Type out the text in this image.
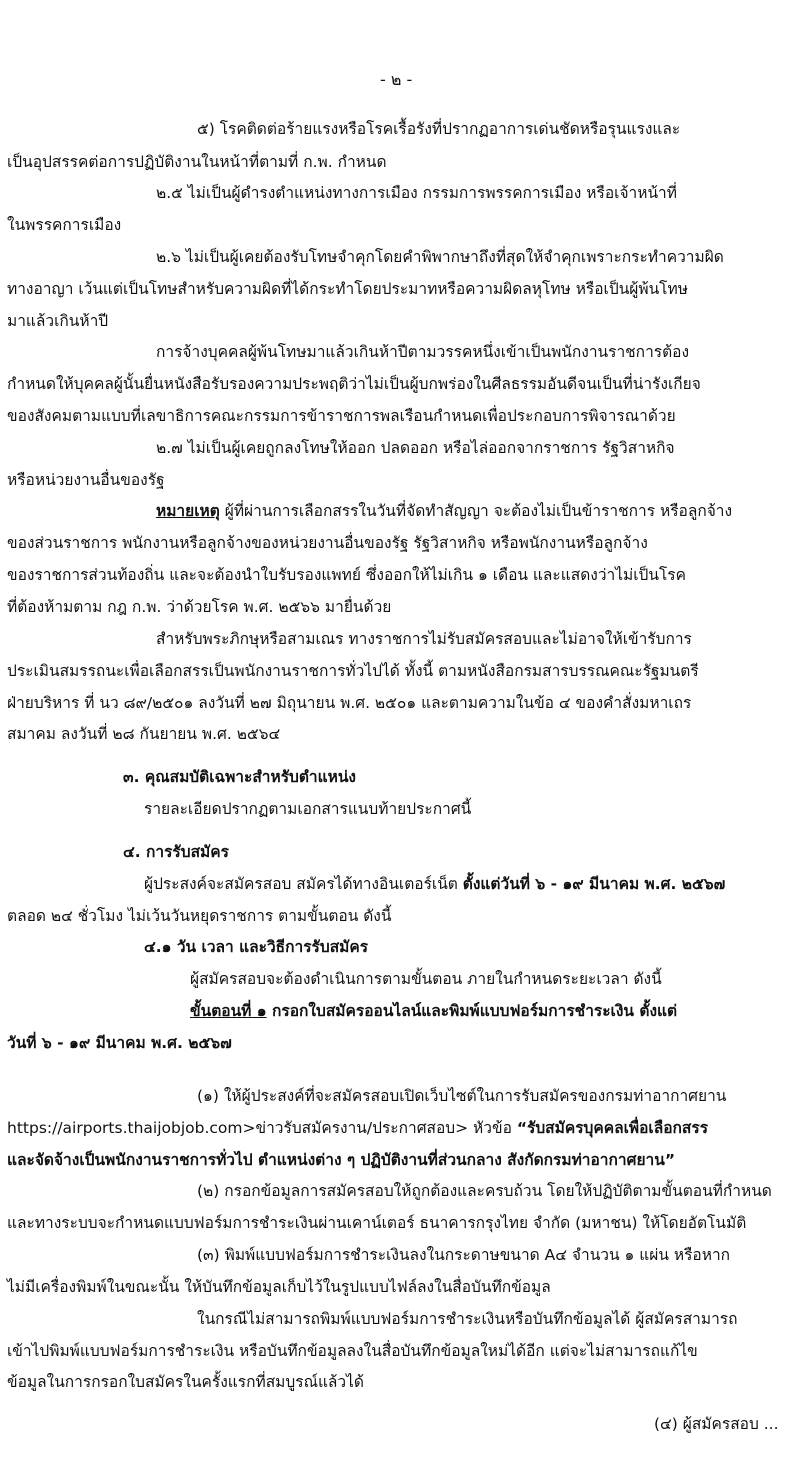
- ๒ -
๕) โรคติดต่อร้ายแรงหรือโรคเรื้อรังที่ปรากฏอาการเด่นชัดหรือรุนแรงและ
เป็นอุปสรรคต่อการปฏิบัติงานในหน้าที่ตามที่ ก.พ. กำหนด
๒.๕ ไม่เป็นผู้ดำรงตำแหน่งทางการเมือง กรรมการพรรคการเมือง หรือเจ้าหน้าที่
ในพรรคการเมือง
๒.๖ ไม่เป็นผู้เคยต้องรับโทษจำคุกโดยคำพิพากษาถึงที่สุดให้จำคุกเพราะกระทำความผิด
ทางอาญา เว้นแต่เป็นโทษสำหรับความผิดที่ได้กระทำโดยประมาทหรือความผิดลหุโทษ หรือเป็นผู้พ้นโทษ
มาแล้วเกินห้าปี
การจ้างบุคคลผู้พ้นโทษมาแล้วเกินห้าปีตามวรรคหนึ่งเข้าเป็นพนักงานราชการต้อง
กำหนดให้บุคคลผู้นั้นยื่นหนังสือรับรองความประพฤติว่าไม่เป็นผู้บกพร่องในศีลธรรมอันดีจนเป็นที่น่ารังเกียจ
ของสังคมตามแบบที่เลขาธิการคณะกรรมการข้าราชการพลเรือนกำหนดเพื่อประกอบการพิจารณาด้วย
๒.๗ ไม่เป็นผู้เคยถูกลงโทษให้ออก ปลดออก หรือไล่ออกจากราชการ รัฐวิสาหกิจ
หรือหน่วยงานอื่นของรัฐ
หมายเหตุ ผู้ที่ผ่านการเลือกสรรในวันที่จัดทำสัญญา จะต้องไม่เป็นข้าราชการ หรือลูกจ้าง
ของส่วนราชการ พนักงานหรือลูกจ้างของหน่วยงานอื่นของรัฐ รัฐวิสาหกิจ หรือพนักงานหรือลูกจ้าง
ของราชการส่วนท้องถิ่น และจะต้องนำใบรับรองแพทย์ ซึ่งออกให้ไม่เกิน ๑ เดือน และแสดงว่าไม่เป็นโรค
ที่ต้องห้ามตาม กฎ ก.พ. ว่าด้วยโรค พ.ศ. ๒๕๖๖ มายื่นด้วย
สำหรับพระภิกษุหรือสามเณร ทางราชการไม่รับสมัครสอบและไม่อาจให้เข้ารับการ
ประเมินสมรรถนะเพื่อเลือกสรรเป็นพนักงานราชการทั่วไปได้ ทั้งนี้ ตามหนังสือกรมสารบรรณคณะรัฐมนตรี
ฝ่ายบริหาร ที่ นว ๘๙/๒๕๐๑ ลงวันที่ ๒๗ มิถุนายน พ.ศ. ๒๕๐๑ และตามความในข้อ ๔ ของคำสั่งมหาเถร
สมาคม ลงวันที่ ๒๘ กันยายน พ.ศ. ๒๕๖๔
๓. คุณสมบัติเฉพาะสำหรับตำแหน่ง
รายละเอียดปรากฏตามเอกสารแนบท้ายประกาศนี้
๔. การรับสมัคร
ผู้ประสงค์จะสมัครสอบ สมัครได้ทางอินเตอร์เน็ต ตั้งแต่วันที่ ๖ - ๑๙ มีนาคม พ.ศ. ๒๕๖๗
ตลอด ๒๔ ชั่วโมง ไม่เว้นวันหยุดราชการ ตามขั้นตอน ดังนี้
๔.๑ วัน เวลา และวิธีการรับสมัคร
ผู้สมัครสอบจะต้องดำเนินการตามขั้นตอน ภายในกำหนดระยะเวลา ดังนี้
ขั้นตอนที่ ๑ กรอกใบสมัครออนไลน์และพิมพ์แบบฟอร์มการชำระเงิน ตั้งแต่
วันที่ ๖ - ๑๙ มีนาคม พ.ศ. ๒๕๖๗
(๑) ให้ผู้ประสงค์ที่จะสมัครสอบเปิดเว็บไซต์ในการรับสมัครของกรมท่าอากาศยาน
https://airports.thaijobjob.com>ข่าวรับสมัครงาน/ประกาศสอบ> หัวข้อ “รับสมัครบุคคลเพื่อเลือกสรร
และจัดจ้างเป็นพนักงานราชการทั่วไป ตำแหน่งต่าง ๆ ปฏิบัติงานที่ส่วนกลาง สังกัดกรมท่าอากาศยาน”
(๒) กรอกข้อมูลการสมัครสอบให้ถูกต้องและครบถ้วน โดยให้ปฏิบัติตามขั้นตอนที่กำหนด
และทางระบบจะกำหนดแบบฟอร์มการชำระเงินผ่านเคาน์เตอร์ ธนาคารกรุงไทย จำกัด (มหาชน) ให้โดยอัตโนมัติ
(๓) พิมพ์แบบฟอร์มการชำระเงินลงในกระดาษขนาด A๔ จำนวน ๑ แผ่น หรือหาก
ไม่มีเครื่องพิมพ์ในขณะนั้น ให้บันทึกข้อมูลเก็บไว้ในรูปแบบไฟล์ลงในสื่อบันทึกข้อมูล
ในกรณีไม่สามารถพิมพ์แบบฟอร์มการชำระเงินหรือบันทึกข้อมูลได้ ผู้สมัครสามารถ
เข้าไปพิมพ์แบบฟอร์มการชำระเงิน หรือบันทึกข้อมูลลงในสื่อบันทึกข้อมูลใหม่ได้อีก แต่จะไม่สามารถแก้ไข
ข้อมูลในการกรอกใบสมัครในครั้งแรกที่สมบูรณ์แล้วได้
(๔) ผู้สมัครสอบ ...
